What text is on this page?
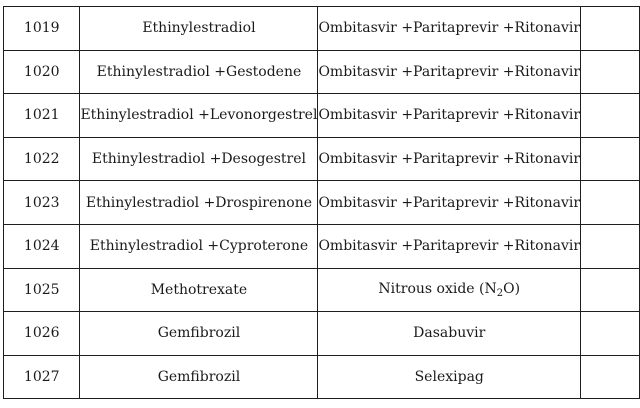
1019	Ethinylestradiol	Ombitasvir +Paritaprevir +Ritonavir	
1020	Ethinylestradiol +Gestodene	Ombitasvir +Paritaprevir +Ritonavir	
1021	Ethinylestradiol +Levonorgestrel	Ombitasvir +Paritaprevir +Ritonavir	
1022	Ethinylestradiol +Desogestrel	Ombitasvir +Paritaprevir +Ritonavir	
1023	Ethinylestradiol +Drospirenone	Ombitasvir +Paritaprevir +Ritonavir	
1024	Ethinylestradiol +Cyproterone	Ombitasvir +Paritaprevir +Ritonavir	
1025	Methotrexate	Nitrous oxide $(N_2O)$	
1026	Gemfibrozil	Dasabuvir	
1027	Gemfibrozil	Selexipag	
